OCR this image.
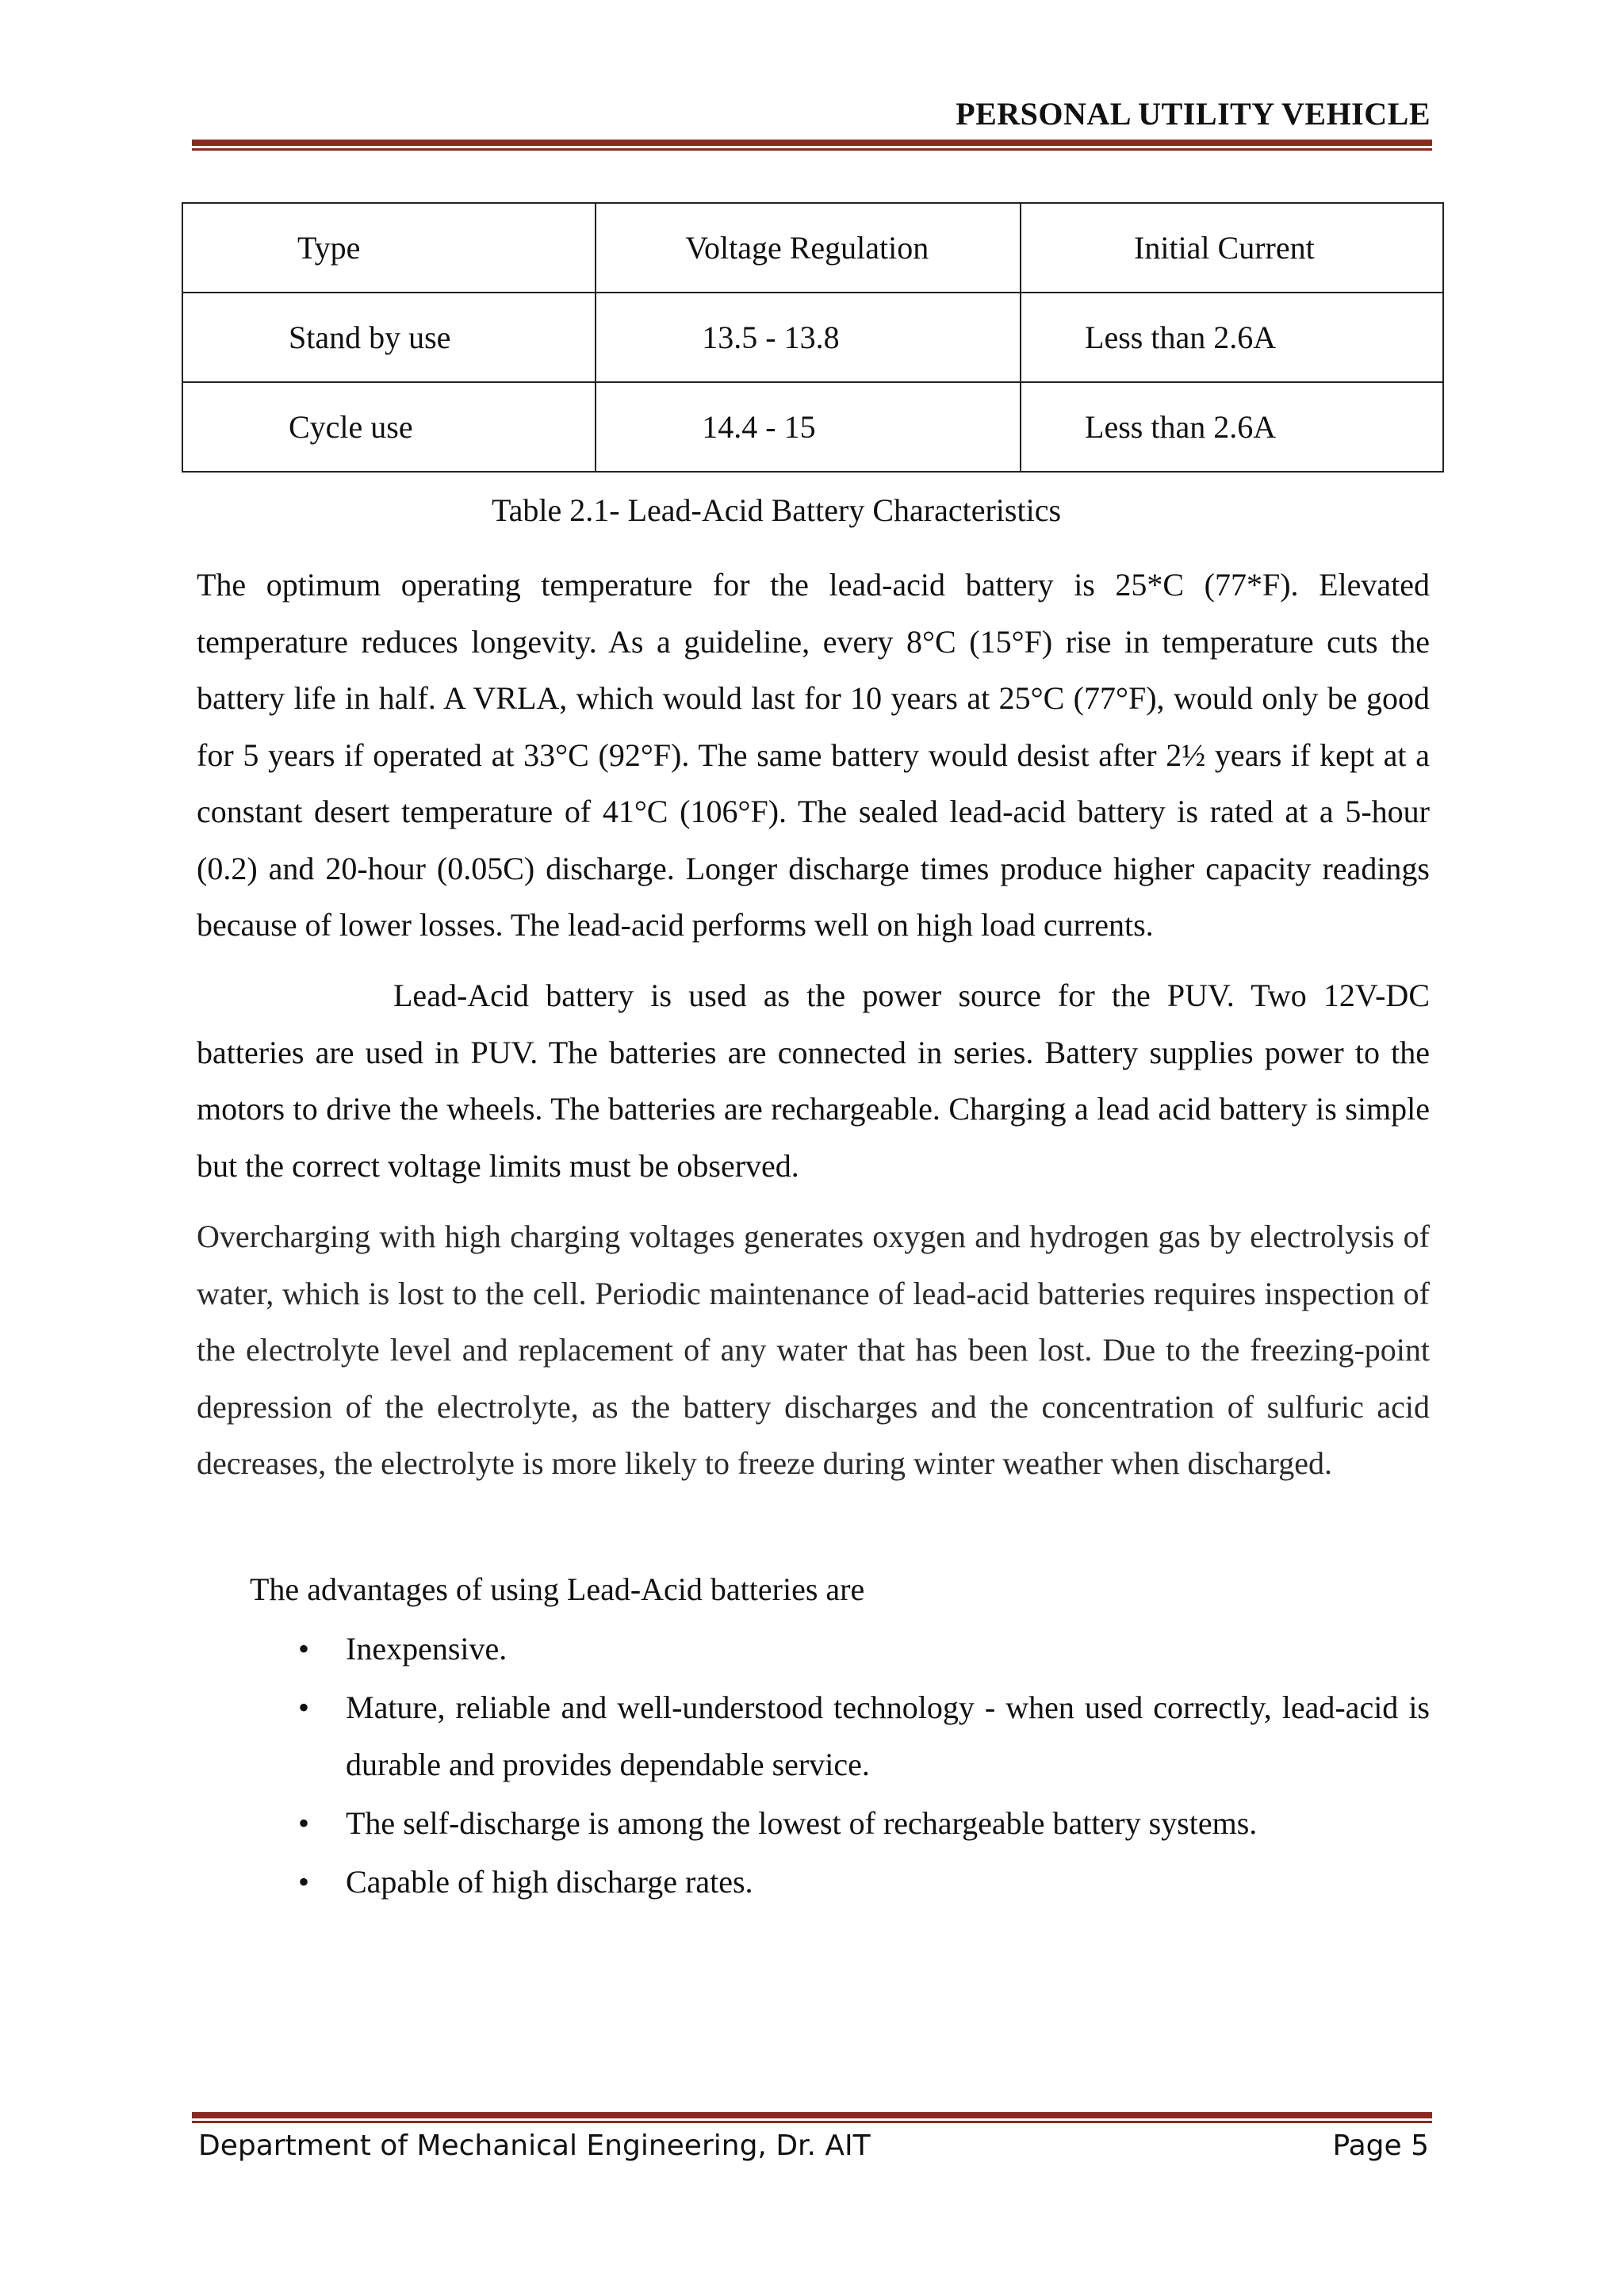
PERSONAL UTILITY VEHICLE
Type	Voltage Regulation	Initial Current
Stand by use	13.5 - 13.8	Less than 2.6A
Cycle use	14.4 - 15	Less than 2.6A
Table 2.1- Lead-Acid Battery Characteristics

The optimum operating temperature for the lead-acid battery is 25*C (77*F). Elevated temperature reduces longevity. As a guideline, every 8°C (15°F) rise in temperature cuts the battery life in half. A VRLA, which would last for 10 years at 25°C (77°F), would only be good for 5 years if operated at 33°C (92°F). The same battery would desist after 2½ years if kept at a constant desert temperature of 41°C (106°F). The sealed lead-acid battery is rated at a 5-hour (0.2) and 20-hour (0.05C) discharge. Longer discharge times produce higher capacity readings because of lower losses. The lead-acid performs well on high load currents.

Lead-Acid battery is used as the power source for the PUV. Two 12V-DC batteries are used in PUV. The batteries are connected in series. Battery supplies power to the motors to drive the wheels. The batteries are rechargeable. Charging a lead acid battery is simple but the correct voltage limits must be observed.

Overcharging with high charging voltages generates oxygen and hydrogen gas by electrolysis of water, which is lost to the cell. Periodic maintenance of lead-acid batteries requires inspection of the electrolyte level and replacement of any water that has been lost. Due to the freezing-point depression of the electrolyte, as the battery discharges and the concentration of sulfuric acid decreases, the electrolyte is more likely to freeze during winter weather when discharged.

The advantages of using Lead-Acid batteries are
• Inexpensive.
• Mature, reliable and well-understood technology - when used correctly, lead-acid is durable and provides dependable service.
• The self-discharge is among the lowest of rechargeable battery systems.
• Capable of high discharge rates.
Department of Mechanical Engineering, Dr. AIT	Page 5
